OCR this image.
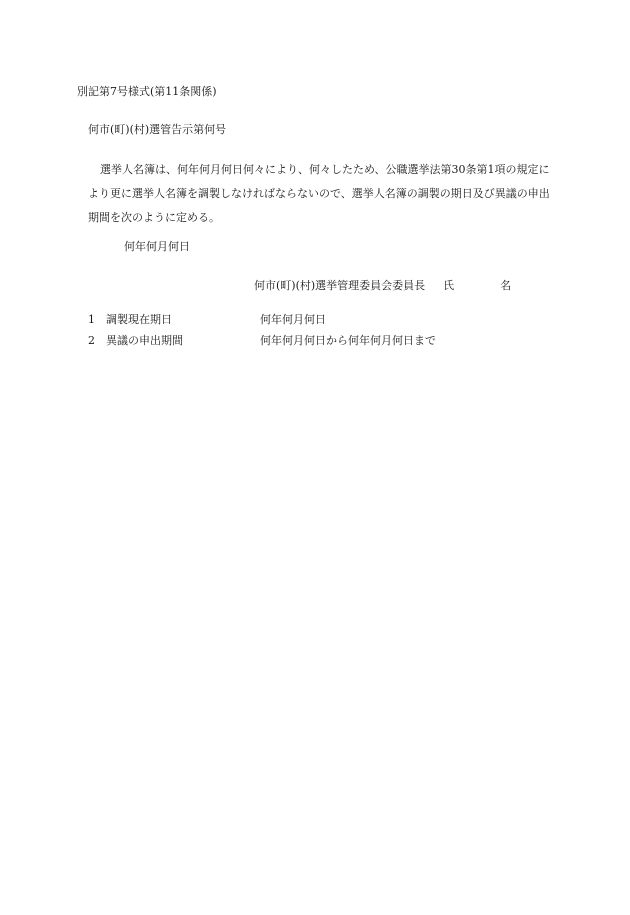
別記第7号様式(第11条関係)
何市(町)(村)選管告示第何号
選挙人名簿は、何年何月何日何々により、何々したため、公職選挙法第30条第1項の規定により更に選挙人名簿を調製しなければならないので、選挙人名簿の調製の期日及び異議の申出期間を次のように定める。
何年何月何日
何市(町)(村)選挙管理委員会委員長 氏	名
1 調製現在期日	何年何月何日
2 異議の申出期間	何年何月何日から何年何月何日まで
